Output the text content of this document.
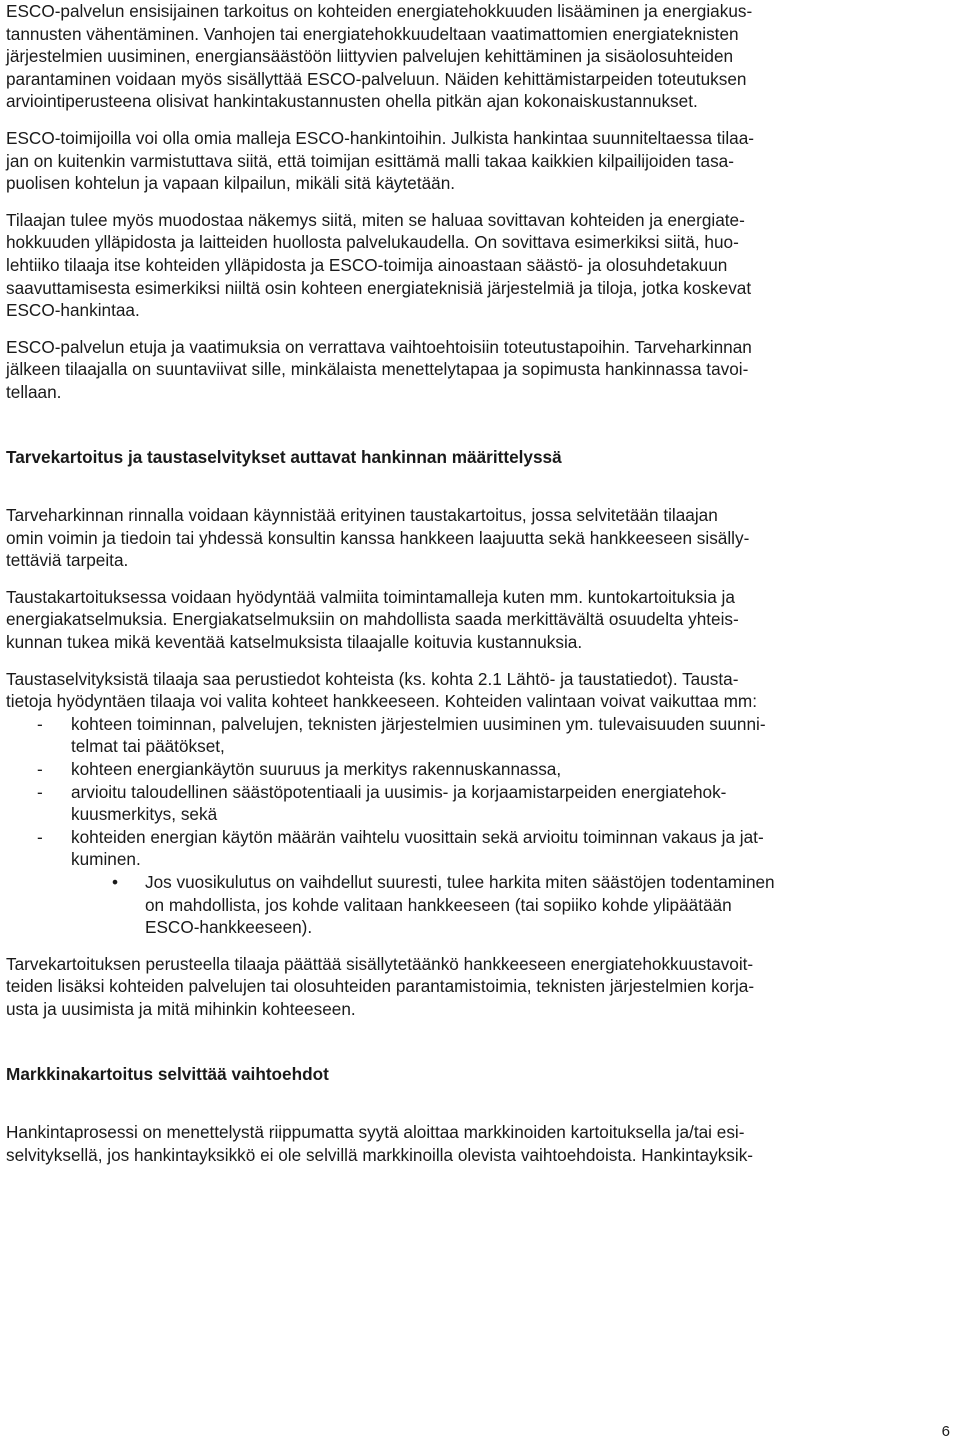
ESCO-palvelun ensisijainen tarkoitus on kohteiden energiatehokkuuden lisääminen ja energiakus-
tannusten vähentäminen. Vanhojen tai energiatehokkuudeltaan vaatimattomien energiateknisten
järjestelmien uusiminen, energiansäästöön liittyvien palvelujen kehittäminen ja sisäolosuhteiden
parantaminen voidaan myös sisällyttää ESCO-palveluun. Näiden kehittämistarpeiden toteutuksen
arviointiperusteena olisivat hankintakustannusten ohella pitkän ajan kokonaiskustannukset.
ESCO-toimijoilla voi olla omia malleja ESCO-hankintoihin. Julkista hankintaa suunniteltaessa tilaa-
jan on kuitenkin varmistuttava siitä, että toimijan esittämä malli takaa kaikkien kilpailijoiden tasa-
puolisen kohtelun ja vapaan kilpailun, mikäli sitä käytetään.
Tilaajan tulee myös muodostaa näkemys siitä, miten se haluaa sovittavan kohteiden ja energiate-
hokkuuden ylläpidosta ja laitteiden huollosta palvelukaudella. On sovittava esimerkiksi siitä, huo-
lehtiiko tilaaja itse kohteiden ylläpidosta ja ESCO-toimija ainoastaan säästö- ja olosuhdetakuun
saavuttamisesta esimerkiksi niiltä osin kohteen energiateknisiä järjestelmiä ja tiloja, jotka koskevat
ESCO-hankintaa.
ESCO-palvelun etuja ja vaatimuksia on verrattava vaihtoehtoisiin toteutustapoihin. Tarveharkinnan
jälkeen tilaajalla on suuntaviivat sille, minkälaista menettelytapaa ja sopimusta hankinnassa tavoi-
tellaan.
Tarvekartoitus ja taustaselvitykset auttavat hankinnan määrittelyssä
Tarveharkinnan rinnalla voidaan käynnistää erityinen taustakartoitus, jossa selvitetään tilaajan
omin voimin ja tiedoin tai yhdessä konsultin kanssa hankkeen laajuutta sekä hankkeeseen sisälly-
tettäviä tarpeita.
Taustakartoituksessa voidaan hyödyntää valmiita toimintamalleja kuten mm. kuntokartoituksia ja
energiakatselmuksia. Energiakatselmuksiin on mahdollista saada merkittävältä osuudelta yhteis-
kunnan tukea mikä keventää katselmuksista tilaajalle koituvia kustannuksia.
Taustaselvityksistä tilaaja saa perustiedot kohteista (ks. kohta 2.1 Lähtö- ja taustatiedot). Tausta-
tietoja hyödyntäen tilaaja voi valita kohteet hankkeeseen. Kohteiden valintaan voivat vaikuttaa mm:
- kohteen toiminnan, palvelujen, teknisten järjestelmien uusiminen ym. tulevaisuuden suunni-
telmat tai päätökset,
- kohteen energiankäytön suuruus ja merkitys rakennuskannassa,
- arvioitu taloudellinen säästöpotentiaali ja uusimis- ja korjaamistarpeiden energiatehok-
kuusmerkitys, sekä
- kohteiden energian käytön määrän vaihtelu vuosittain sekä arvioitu toiminnan vakaus ja jat-
kuminen.
• Jos vuosikulutus on vaihdellut suuresti, tulee harkita miten säästöjen todentaminen
on mahdollista, jos kohde valitaan hankkeeseen (tai sopiiko kohde ylipäätään
ESCO-hankkeeseen).
Tarvekartoituksen perusteella tilaaja päättää sisällytetäänkö hankkeeseen energiatehokkuustavoit-
teiden lisäksi kohteiden palvelujen tai olosuhteiden parantamistoimia, teknisten järjestelmien korja-
usta ja uusimista ja mitä mihinkin kohteeseen.
Markkinakartoitus selvittää vaihtoehdot
Hankintaprosessi on menettelystä riippumatta syytä aloittaa markkinoiden kartoituksella ja/tai esi-
selvityksellä, jos hankintayksikkö ei ole selvillä markkinoilla olevista vaihtoehdoista. Hankintayksik-
6
